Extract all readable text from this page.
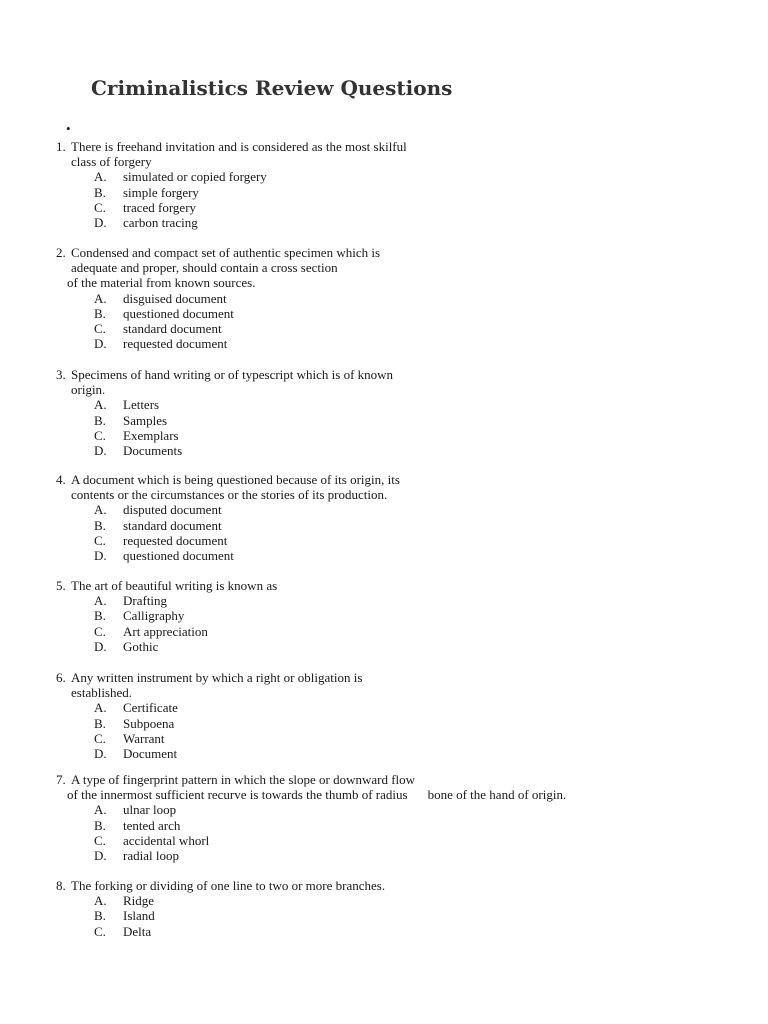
Criminalistics Review Questions
•
1. There is freehand invitation and is considered as the most skilful
class of forgery
A. simulated or copied forgery
B. simple forgery
C. traced forgery
D. carbon tracing
2. Condensed and compact set of authentic specimen which is
adequate and proper, should contain a cross section
of the material from known sources.
A. disguised document
B. questioned document
C. standard document
D. requested document
3. Specimens of hand writing or of typescript which is of known
origin.
A. Letters
B. Samples
C. Exemplars
D. Documents
4. A document which is being questioned because of its origin, its
contents or the circumstances or the stories of its production.
A. disputed document
B. standard document
C. requested document
D. questioned document
5. The art of beautiful writing is known as
A. Drafting
B. Calligraphy
C. Art appreciation
D. Gothic
6. Any written instrument by which a right or obligation is
established.
A. Certificate
B. Subpoena
C. Warrant
D. Document
7. A type of fingerprint pattern in which the slope or downward flow
of the innermost sufficient recurve is towards the thumb of radius bone of the hand of origin.
A. ulnar loop
B. tented arch
C. accidental whorl
D. radial loop
8. The forking or dividing of one line to two or more branches.
A. Ridge
B. Island
C. Delta
